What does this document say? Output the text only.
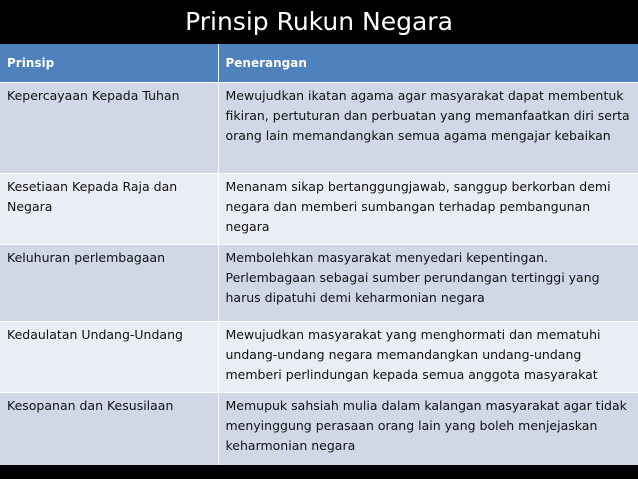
Prinsip Rukun Negara
Prinsip	Penerangan
Kepercayaan Kepada Tuhan	Mewujudkan ikatan agama agar masyarakat dapat membentuk fikiran, pertuturan dan perbuatan yang memanfaatkan diri serta orang lain memandangkan semua agama mengajar kebaikan
Kesetiaan Kepada Raja dan Negara	Menanam sikap bertanggungjawab, sanggup berkorban demi negara dan memberi sumbangan terhadap pembangunan negara
Keluhuran perlembagaan	Membolehkan masyarakat menyedari kepentingan. Perlembagaan sebagai sumber perundangan tertinggi yang harus dipatuhi demi keharmonian negara
Kedaulatan Undang-Undang	Mewujudkan masyarakat yang menghormati dan mematuhi undang-undang negara memandangkan undang-undang memberi perlindungan kepada semua anggota masyarakat
Kesopanan dan Kesusilaan	Memupuk sahsiah mulia dalam kalangan masyarakat agar tidak menyinggung perasaan orang lain yang boleh menjejaskan keharmonian negara
